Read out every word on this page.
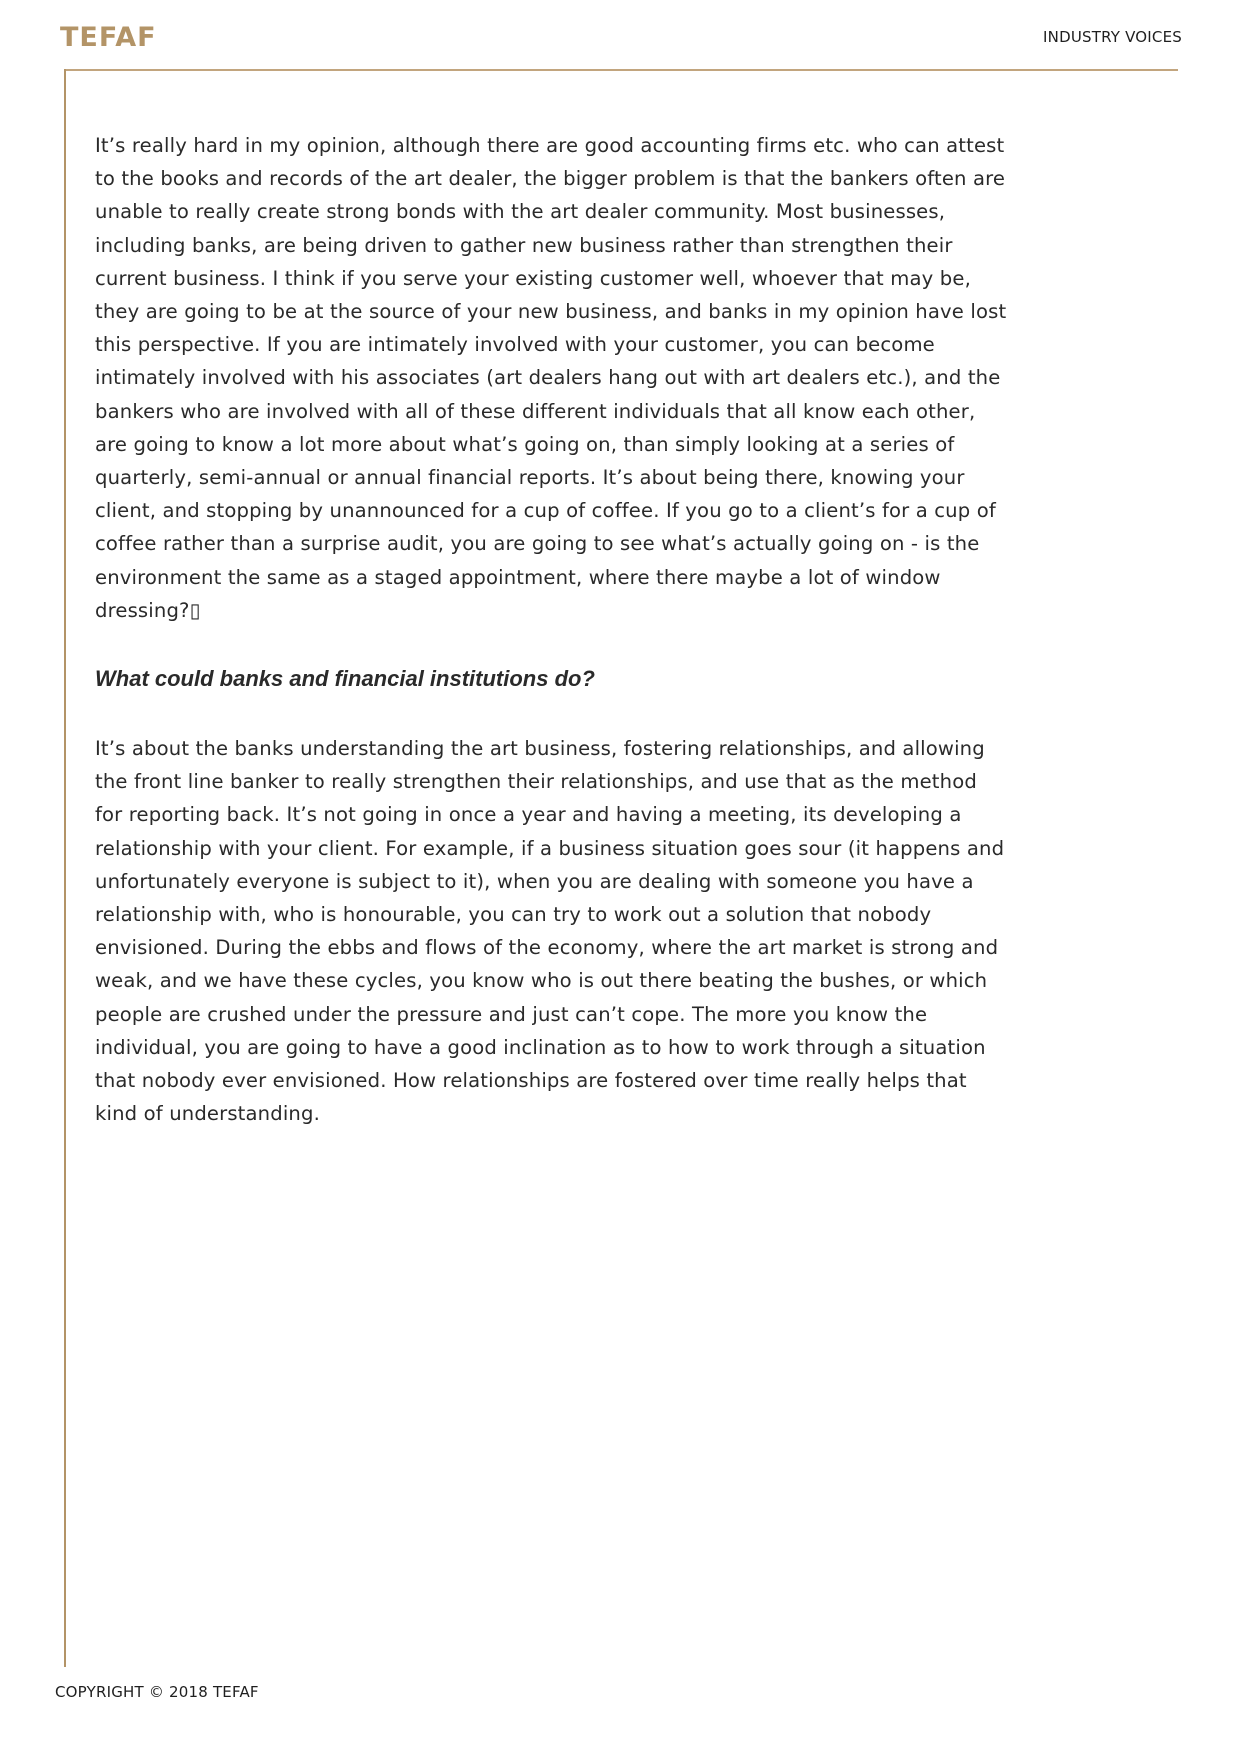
TEFAF	INDUSTRY VOICES

It’s really hard in my opinion, although there are good accounting firms etc. who can attest to the books and records of the art dealer, the bigger problem is that the bankers often are unable to really create strong bonds with the art dealer community. Most businesses, including banks, are being driven to gather new business rather than strengthen their current business. I think if you serve your existing customer well, whoever that may be, they are going to be at the source of your new business, and banks in my opinion have lost this perspective. If you are intimately involved with your customer, you can become intimately involved with his associates (art dealers hang out with art dealers etc.), and the bankers who are involved with all of these different individuals that all know each other, are going to know a lot more about what’s going on, than simply looking at a series of quarterly, semi-annual or annual financial reports. It’s about being there, knowing your client, and stopping by unannounced for a cup of coffee. If you go to a client’s for a cup of coffee rather than a surprise audit, you are going to see what’s actually going on - is the environment the same as a staged appointment, where there maybe a lot of window dressing?▯

What could banks and financial institutions do?

It’s about the banks understanding the art business, fostering relationships, and allowing the front line banker to really strengthen their relationships, and use that as the method for reporting back. It’s not going in once a year and having a meeting, its developing a relationship with your client. For example, if a business situation goes sour (it happens and unfortunately everyone is subject to it), when you are dealing with someone you have a relationship with, who is honourable, you can try to work out a solution that nobody envisioned. During the ebbs and flows of the economy, where the art market is strong and weak, and we have these cycles, you know who is out there beating the bushes, or which people are crushed under the pressure and just can’t cope. The more you know the individual, you are going to have a good inclination as to how to work through a situation that nobody ever envisioned. How relationships are fostered over time really helps that kind of understanding.

COPYRIGHT © 2018 TEFAF
